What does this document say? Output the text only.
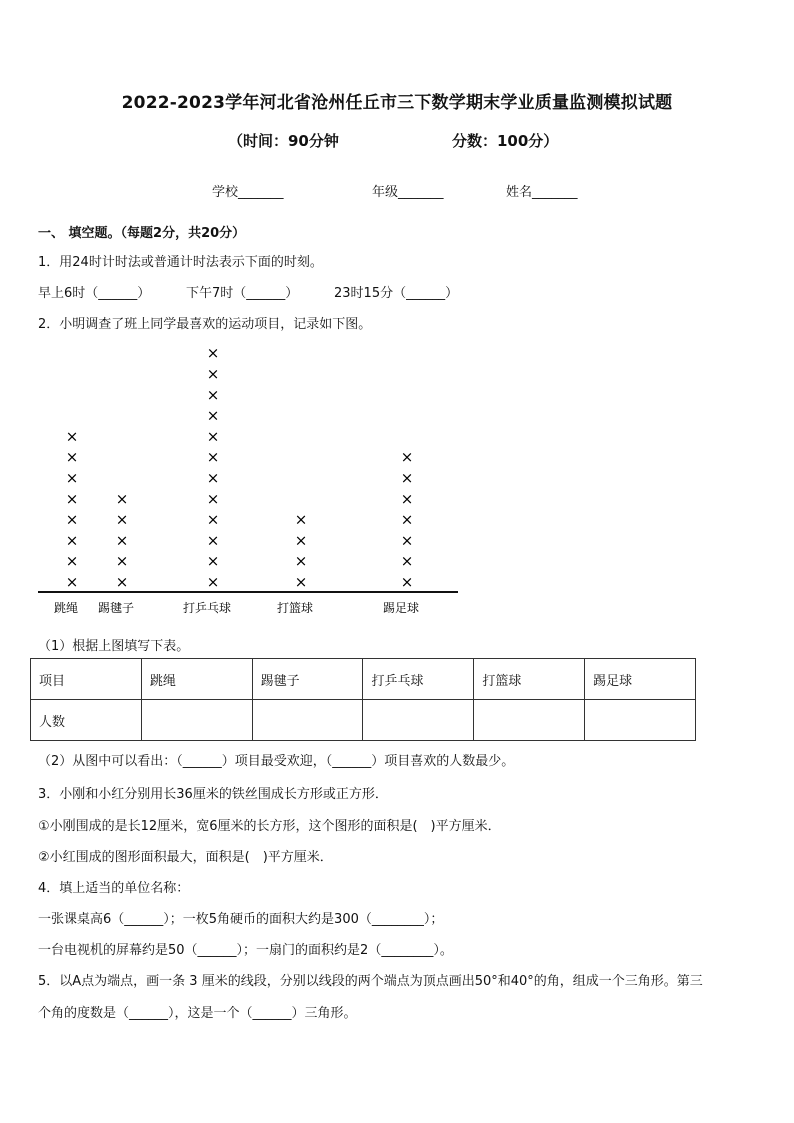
2022-2023学年河北省沧州任丘市三下数学期末学业质量监测模拟试题
（时间：90分钟	分数：100分）
学校_______	年级_______	姓名_______
一、 填空题。（每题2分，共20分）
1．用24时计时法或普通计时法表示下面的时刻。
早上6时（______）	下午7时（______）	23时15分（______）
2．小明调查了班上同学最喜欢的运动项目，记录如下图。
×
×
×
×
×
×
×
×
×
×
×
×
×
×
×
×
×
×
×
×
×
×
×
×
×
×
×
×
×
×
×
×
×
×
×
×
跳绳 踢毽子	打乒乓球	打篮球	踢足球
（1）根据上图填写下表。
项目	跳绳	踢毽子	打乒乓球	打篮球	踢足球
人数					
（2）从图中可以看出：（______）项目最受欢迎，（______）项目喜欢的人数最少。
3．小刚和小红分别用长36厘米的铁丝围成长方形或正方形．
①小刚围成的是长12厘米，宽6厘米的长方形，这个图形的面积是(　)平方厘米．
②小红围成的图形面积最大，面积是(　)平方厘米．
4．填上适当的单位名称：
一张课桌高6（______）；一枚5角硬币的面积大约是300（________）；
一台电视机的屏幕约是50（______）；一扇门的面积约是2（________）。
5．以A点为端点，画一条 3 厘米的线段，分别以线段的两个端点为顶点画出50°和40°的角，组成一个三角形。第三
个角的度数是（______），这是一个（______）三角形。
